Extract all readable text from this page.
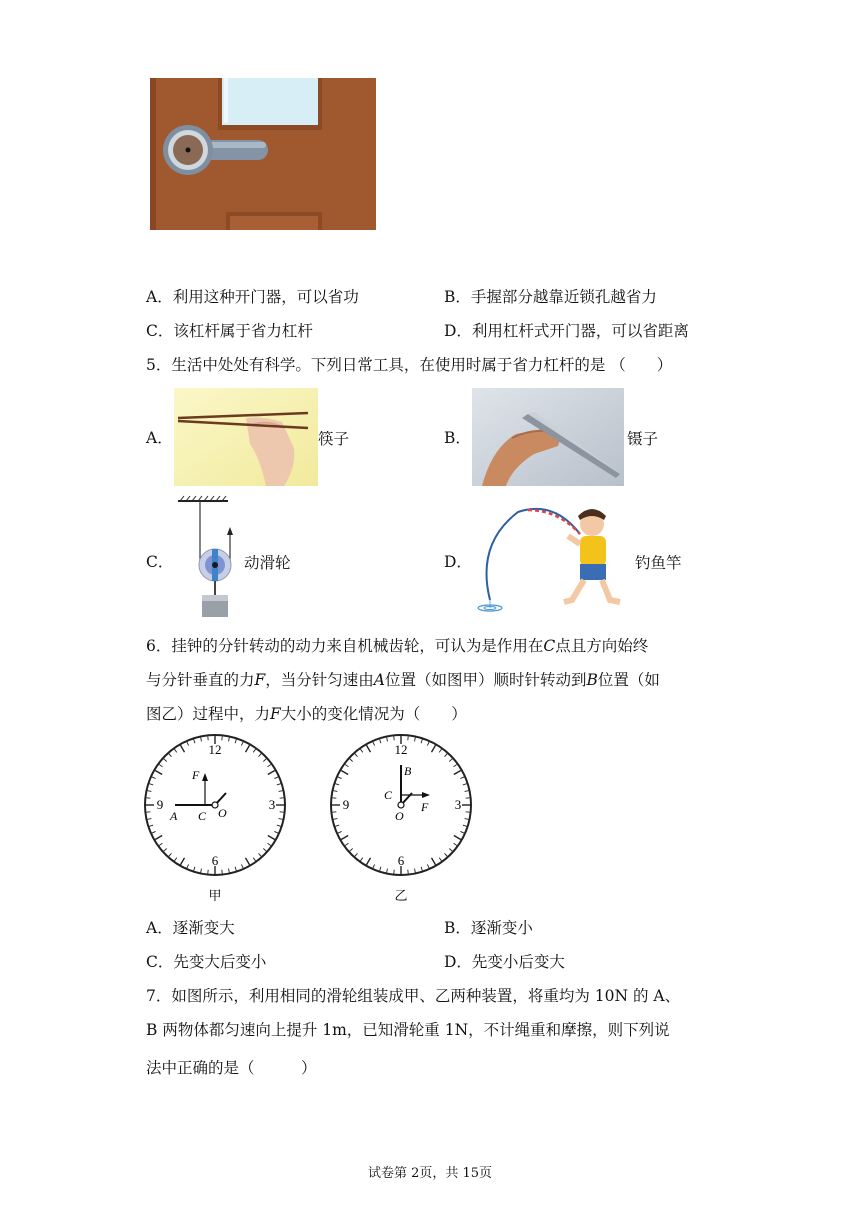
A．利用这种开门器，可以省功	B．手握部分越靠近锁孔越省力
C．该杠杆属于省力杠杆	D．利用杠杆式开门器，可以省距离
5．生活中处处有科学。下列日常工具，在使用时属于省力杠杆的是 （　　）
A．	筷子	B．	镊子
C．	动滑轮	D．	钓鱼竿
6．挂钟的分针转动的动力来自机械齿轮，可认为是作用在C点且方向始终
与分针垂直的力F，当分针匀速由A位置（如图甲）顺时针转动到B位置（如
图乙）过程中，力F大小的变化情况为（　　）
12
3
6
9
F
A C O
甲
12
3
6
9
B
C
O
F
乙
A．逐渐变大	B．逐渐变小
C．先变大后变小	D．先变小后变大
7．如图所示，利用相同的滑轮组装成甲、乙两种装置，将重均为 10N 的 A、
B 两物体都匀速向上提升 1m，已知滑轮重 1N，不计绳重和摩擦，则下列说
法中正确的是（　　　）
试卷第 2页，共 15页
